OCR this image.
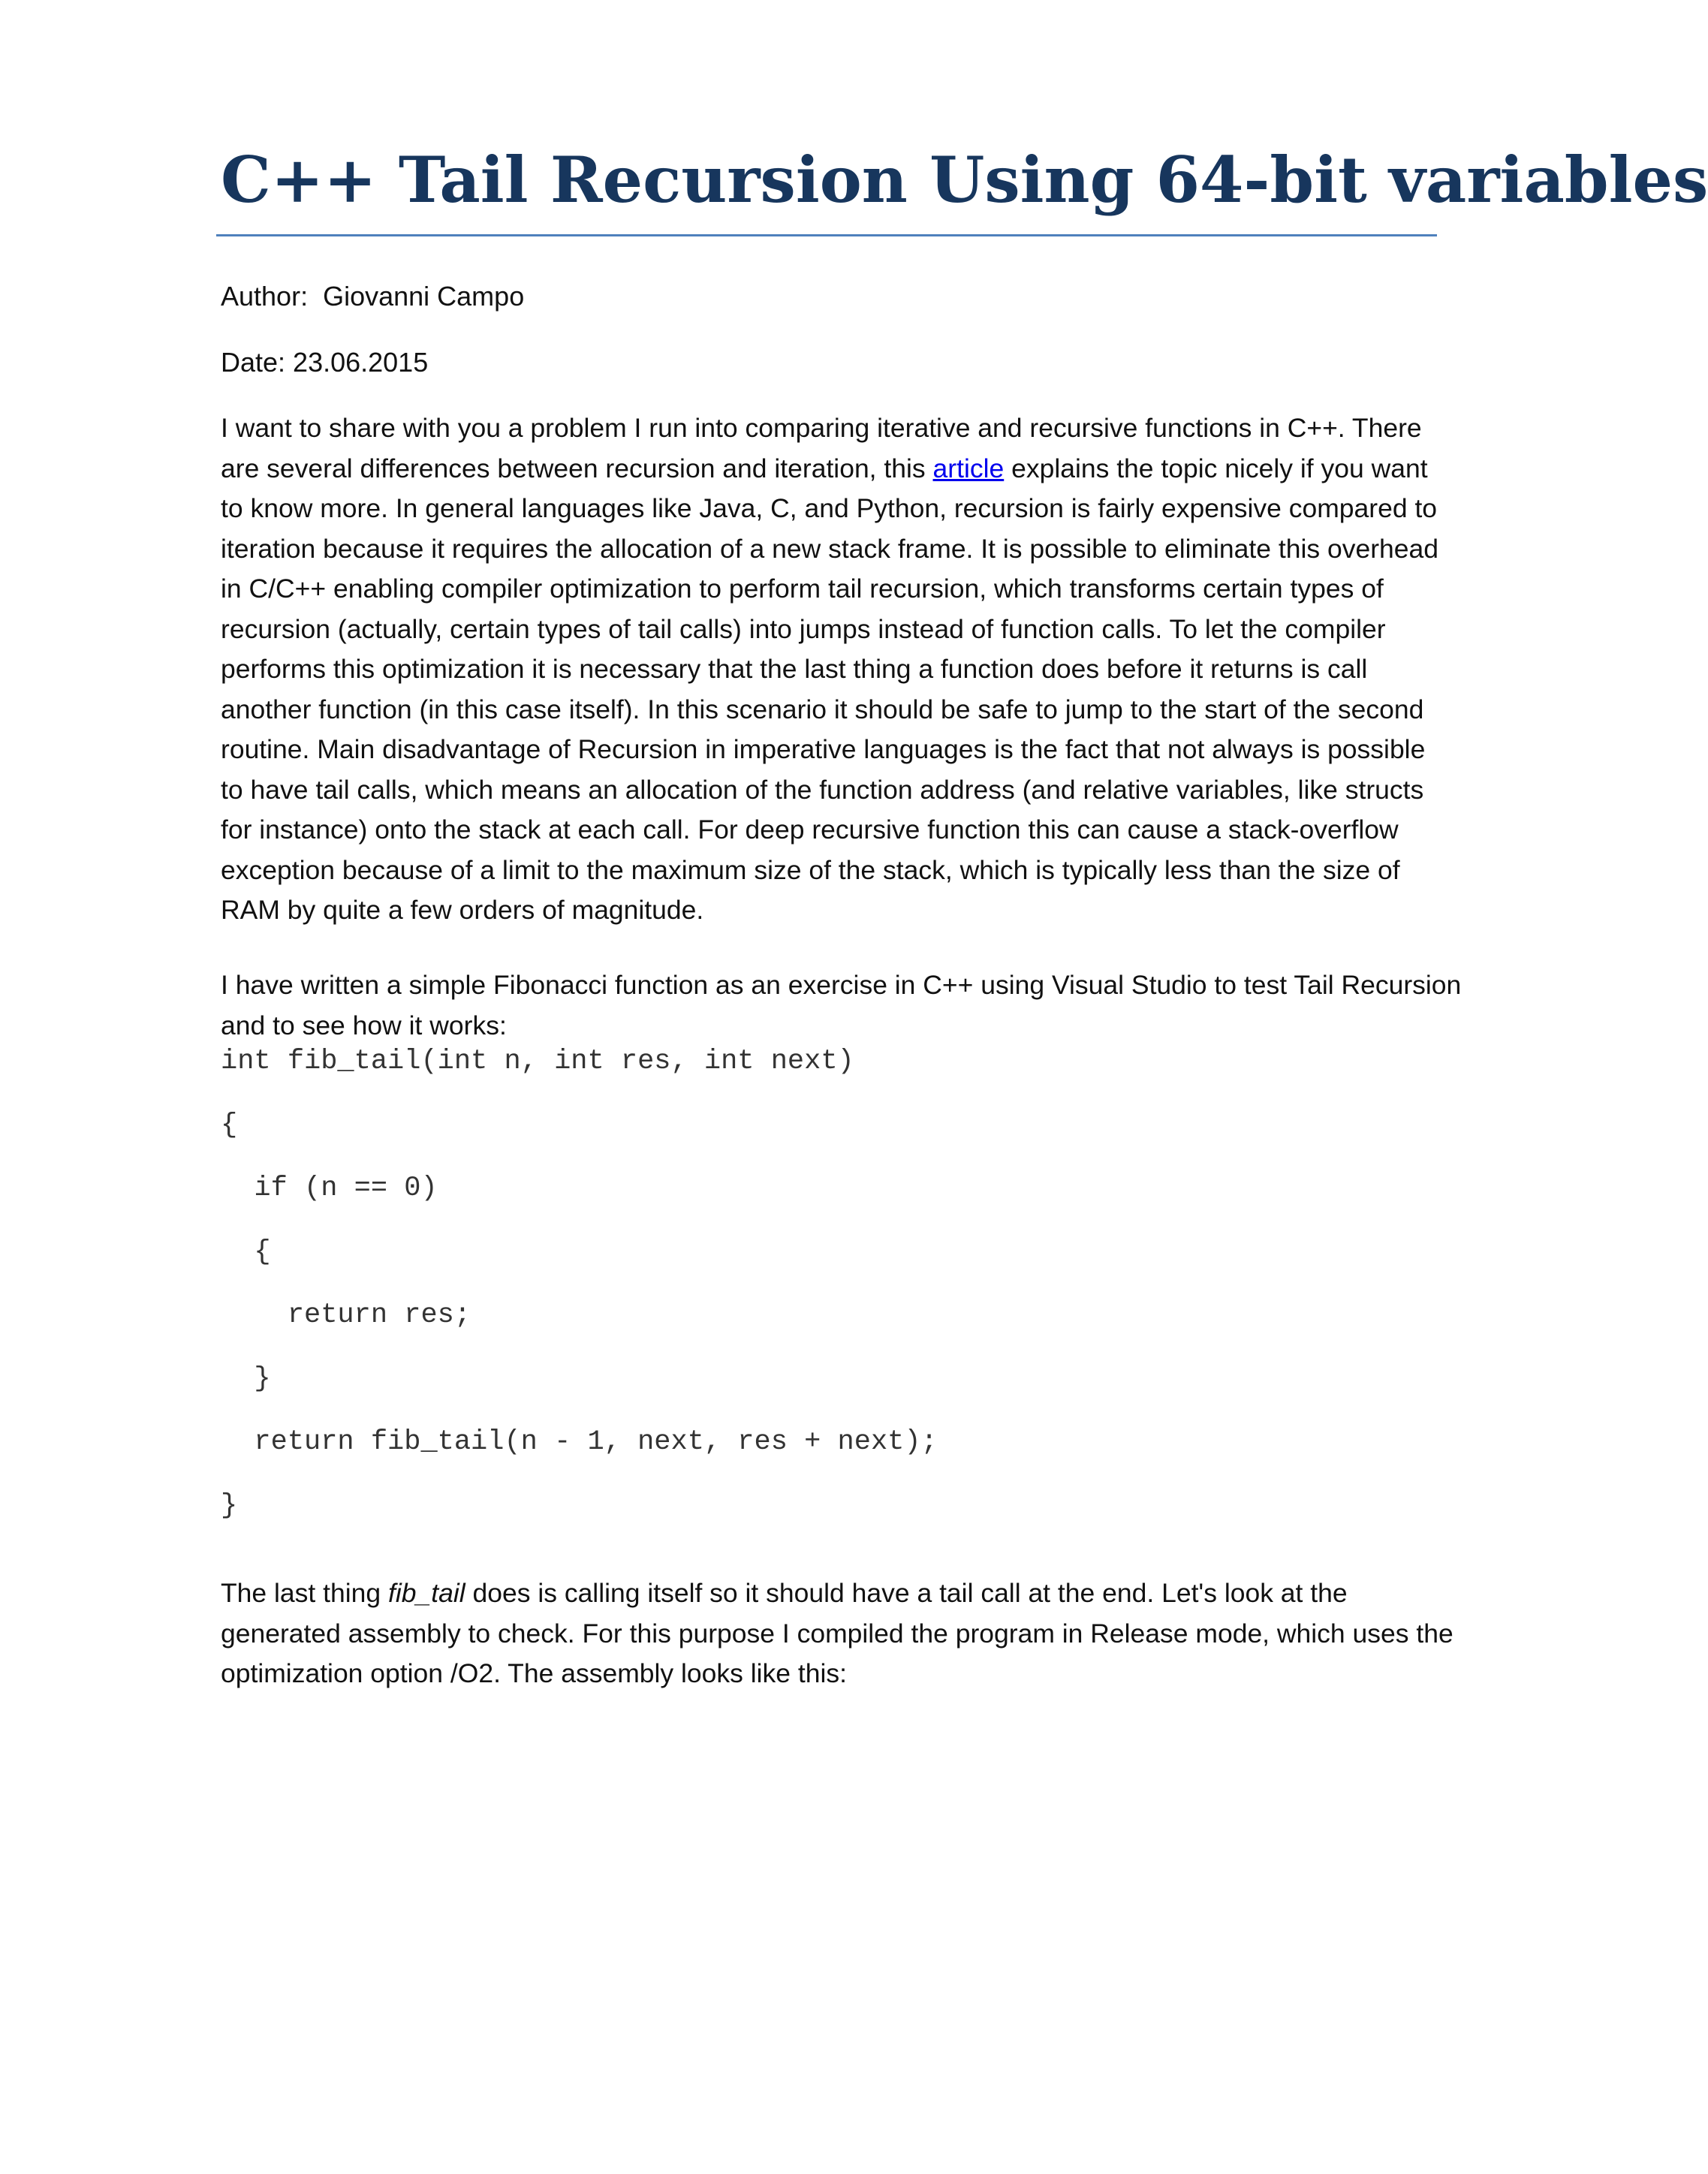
C++ Tail Recursion Using 64-bit variables

Author:  Giovanni Campo

Date: 23.06.2015

I want to share with you a problem I run into comparing iterative and recursive functions in C++. There
are several differences between recursion and iteration, this article explains the topic nicely if you want
to know more. In general languages like Java, C, and Python, recursion is fairly expensive compared to
iteration because it requires the allocation of a new stack frame. It is possible to eliminate this overhead
in C/C++ enabling compiler optimization to perform tail recursion, which transforms certain types of
recursion (actually, certain types of tail calls) into jumps instead of function calls. To let the compiler
performs this optimization it is necessary that the last thing a function does before it returns is call
another function (in this case itself). In this scenario it should be safe to jump to the start of the second
routine. Main disadvantage of Recursion in imperative languages is the fact that not always is possible
to have tail calls, which means an allocation of the function address (and relative variables, like structs
for instance) onto the stack at each call. For deep recursive function this can cause a stack-overflow
exception because of a limit to the maximum size of the stack, which is typically less than the size of
RAM by quite a few orders of magnitude.
I have written a simple Fibonacci function as an exercise in C++ using Visual Studio to test Tail Recursion
and to see how it works:
int fib_tail(int n, int res, int next)
{
if (n == 0)
{
return res;
}
return fib_tail(n - 1, next, res + next);
}
The last thing fib_tail does is calling itself so it should have a tail call at the end. Let's look at the
generated assembly to check. For this purpose I compiled the program in Release mode, which uses the
optimization option /O2. The assembly looks like this:
